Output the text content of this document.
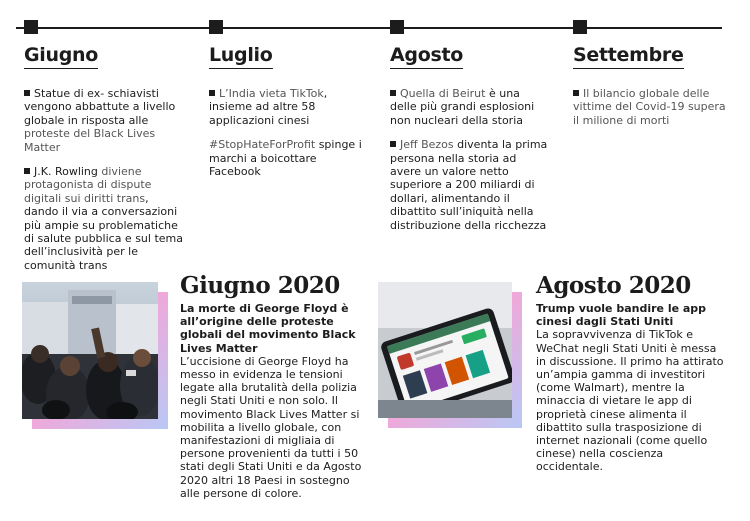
Giugno

Statue di ex- schiavisti vengono abbattute a livello globale in risposta alle proteste del Black Lives Matter

J.K. Rowling diviene protagonista di dispute digitali sui diritti trans, dando il via a conversazioni più ampie su problematiche di salute pubblica e sul tema dell’inclusività per le comunità trans

Luglio

L’India vieta TikTok, insieme ad altre 58 applicazioni cinesi

#StopHateForProfit spinge i marchi a boicottare Facebook

Agosto

Quella di Beirut è una delle più grandi esplosioni non nucleari della storia

Jeff Bezos diventa la prima persona nella storia ad avere un valore netto superiore a 200 miliardi di dollari, alimentando il dibattito sull’iniquità nella distribuzione della ricchezza

Settembre

Il bilancio globale delle vittime del Covid-19 supera il milione di morti

Giugno 2020
La morte di George Floyd è all’origine delle proteste globali del movimento Black Lives Matter
L’uccisione di George Floyd ha messo in evidenza le tensioni legate alla brutalità della polizia negli Stati Uniti e non solo. Il movimento Black Lives Matter si mobilita a livello globale, con manifestazioni di migliaia di persone provenienti da tutti i 50 stati degli Stati Uniti e da Agosto 2020 altri 18 Paesi in sostegno alle persone di colore.
Agosto 2020
Trump vuole bandire le app cinesi dagli Stati Uniti
La sopravvivenza di TikTok e WeChat negli Stati Uniti è messa in discussione. Il primo ha attirato un’ampia gamma di investitori (come Walmart), mentre la minaccia di vietare le app di proprietà cinese alimenta il dibattito sulla trasposizione di internet nazionali (come quello cinese) nella coscienza occidentale.
